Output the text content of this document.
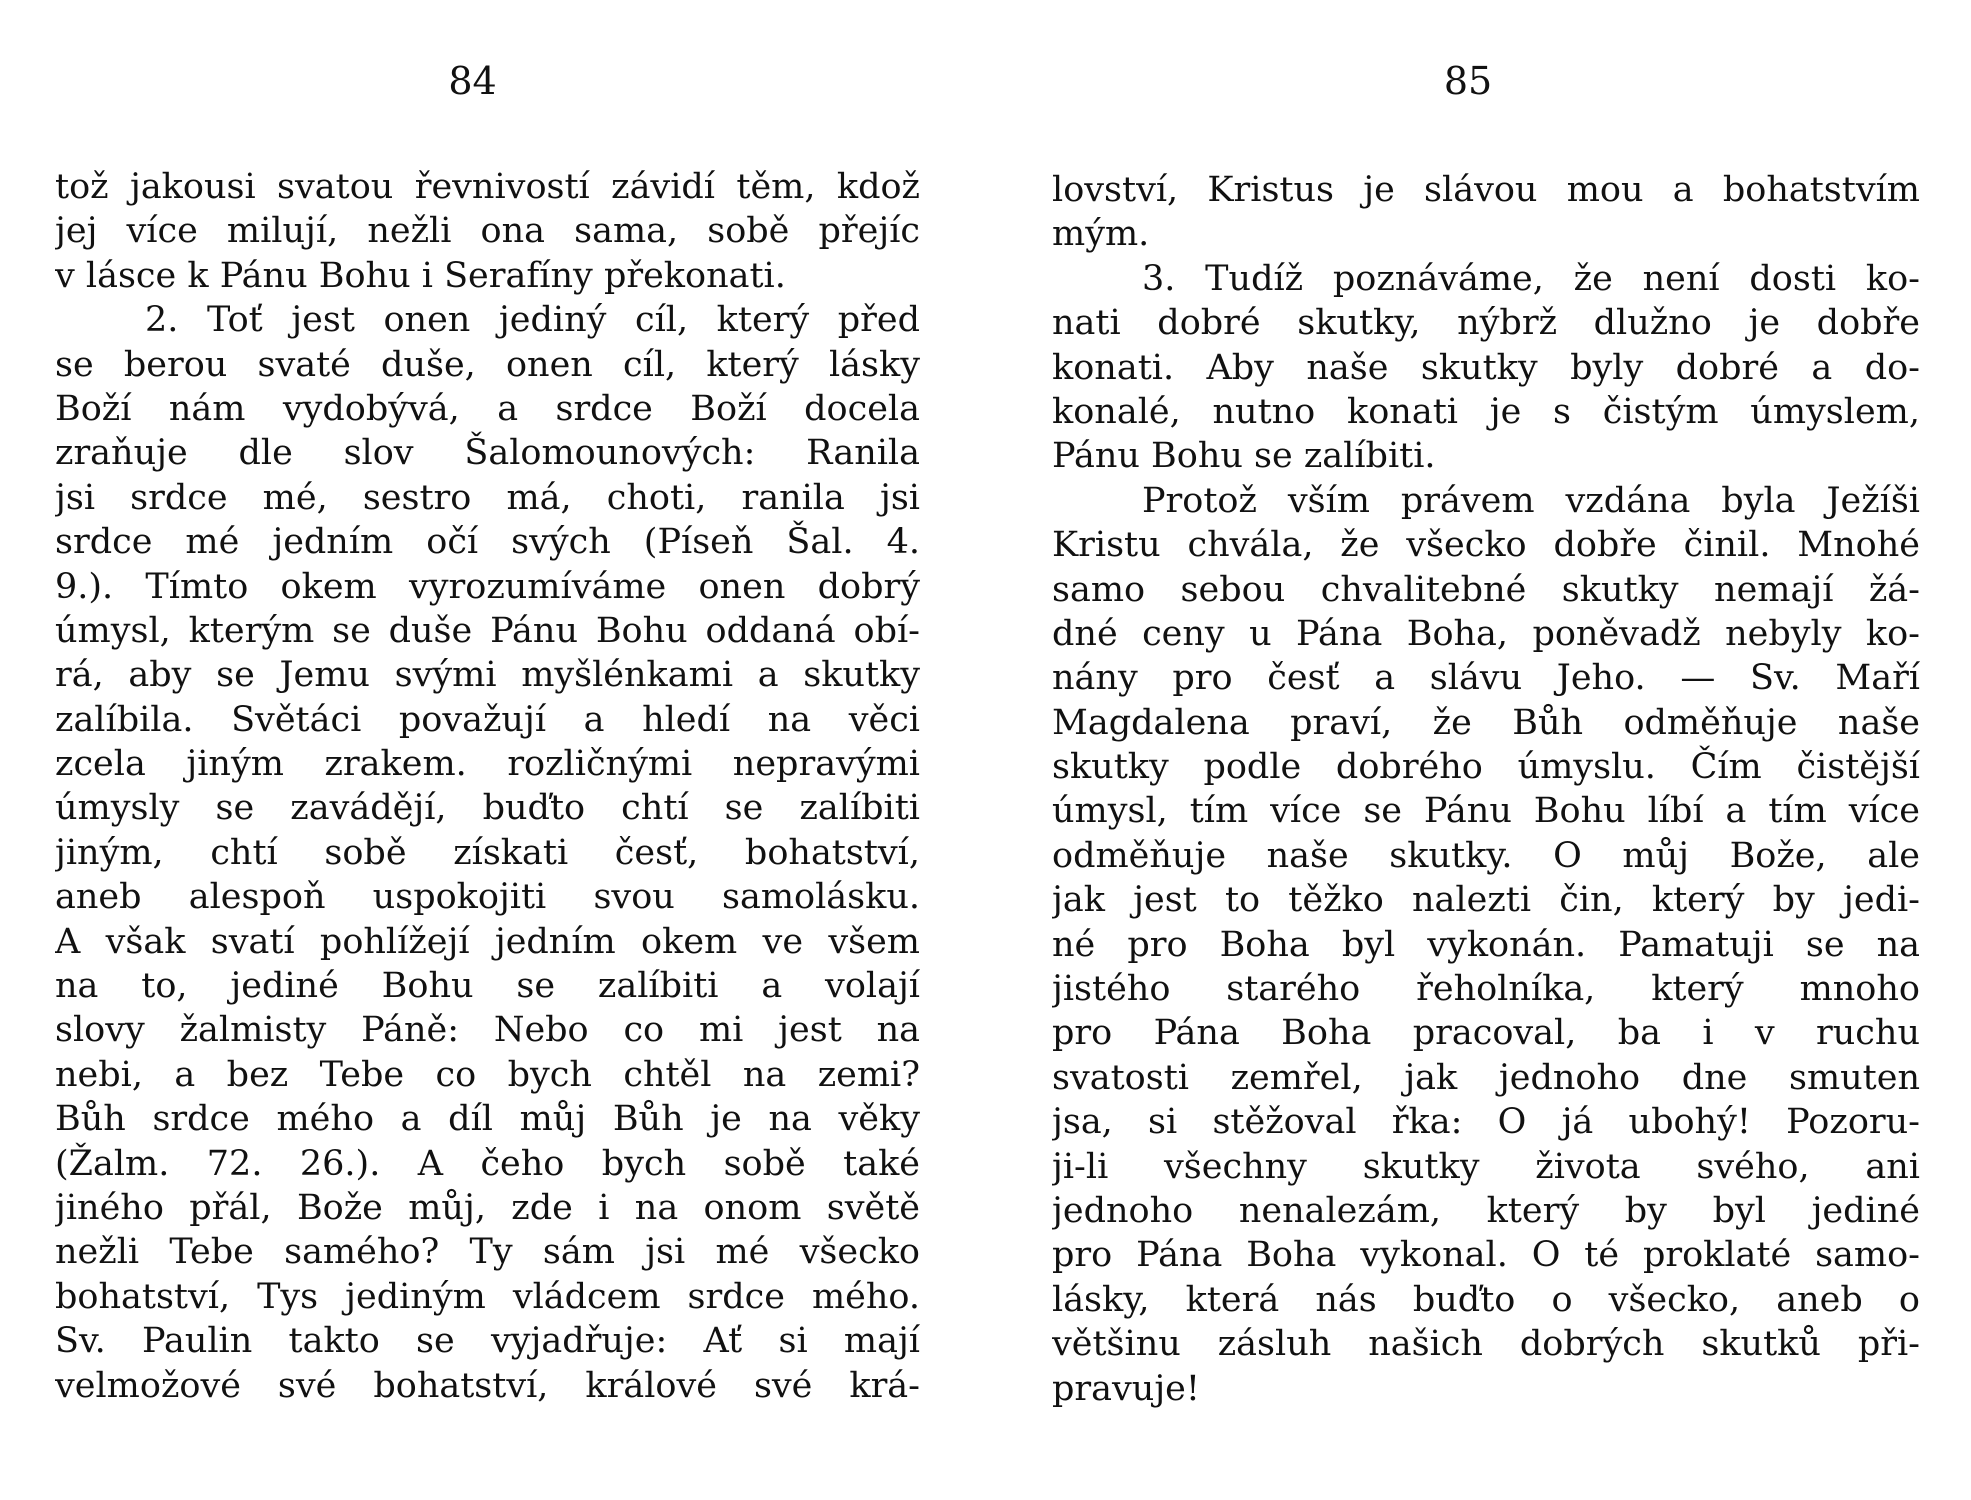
84
tož jakousi svatou řevnivostí závidí těm, kdož
jej více milují, nežli ona sama, sobě přejíc
v lásce k Pánu Bohu i Serafíny překonati.
2. Toť jest onen jediný cíl, který před
se berou svaté duše, onen cíl, který lásky
Boží nám vydobývá, a srdce Boží docela
zraňuje dle slov Šalomounových: Ranila
jsi srdce mé, sestro má, choti, ranila jsi
srdce mé jedním očí svých (Píseň Šal. 4.
9.). Tímto okem vyrozumíváme onen dobrý
úmysl, kterým se duše Pánu Bohu oddaná obí-
rá, aby se Jemu svými myšlénkami a skutky
zalíbila. Světáci považují a hledí na věci
zcela jiným zrakem. rozličnými nepravými
úmysly se zavádějí, buďto chtí se zalíbiti
jiným, chtí sobě získati česť, bohatství,
aneb alespoň uspokojiti svou samolásku.
A však svatí pohlížejí jedním okem ve všem
na to, jediné Bohu se zalíbiti a volají
slovy žalmisty Páně: Nebo co mi jest na
nebi, a bez Tebe co bych chtěl na zemi?
Bůh srdce mého a díl můj Bůh je na věky
(Žalm. 72. 26.). A čeho bych sobě také
jiného přál, Bože můj, zde i na onom světě
nežli Tebe samého? Ty sám jsi mé všecko
bohatství, Tys jediným vládcem srdce mého.
Sv. Paulin takto se vyjadřuje: Ať si mají
velmožové své bohatství, králové své krá-
85
lovství, Kristus je slávou mou a bohatstvím
mým.
3. Tudíž poznáváme, že není dosti ko-
nati dobré skutky, nýbrž dlužno je dobře
konati. Aby naše skutky byly dobré a do-
konalé, nutno konati je s čistým úmyslem,
Pánu Bohu se zalíbiti.
Protož vším právem vzdána byla Ježíši
Kristu chvála, že všecko dobře činil. Mnohé
samo sebou chvalitebné skutky nemají žá-
dné ceny u Pána Boha, poněvadž nebyly ko-
nány pro česť a slávu Jeho. — Sv. Maří
Magdalena praví, že Bůh odměňuje naše
skutky podle dobrého úmyslu. Čím čistější
úmysl, tím více se Pánu Bohu líbí a tím více
odměňuje naše skutky. O můj Bože, ale
jak jest to těžko nalezti čin, který by jedi-
né pro Boha byl vykonán. Pamatuji se na
jistého starého řeholníka, který mnoho
pro Pána Boha pracoval, ba i v ruchu
svatosti zemřel, jak jednoho dne smuten
jsa, si stěžoval řka: O já ubohý! Pozoru-
ji-li všechny skutky života svého, ani
jednoho nenalezám, který by byl jediné
pro Pána Boha vykonal. O té proklaté samo-
lásky, která nás buďto o všecko, aneb o
většinu zásluh našich dobrých skutků při-
pravuje!
